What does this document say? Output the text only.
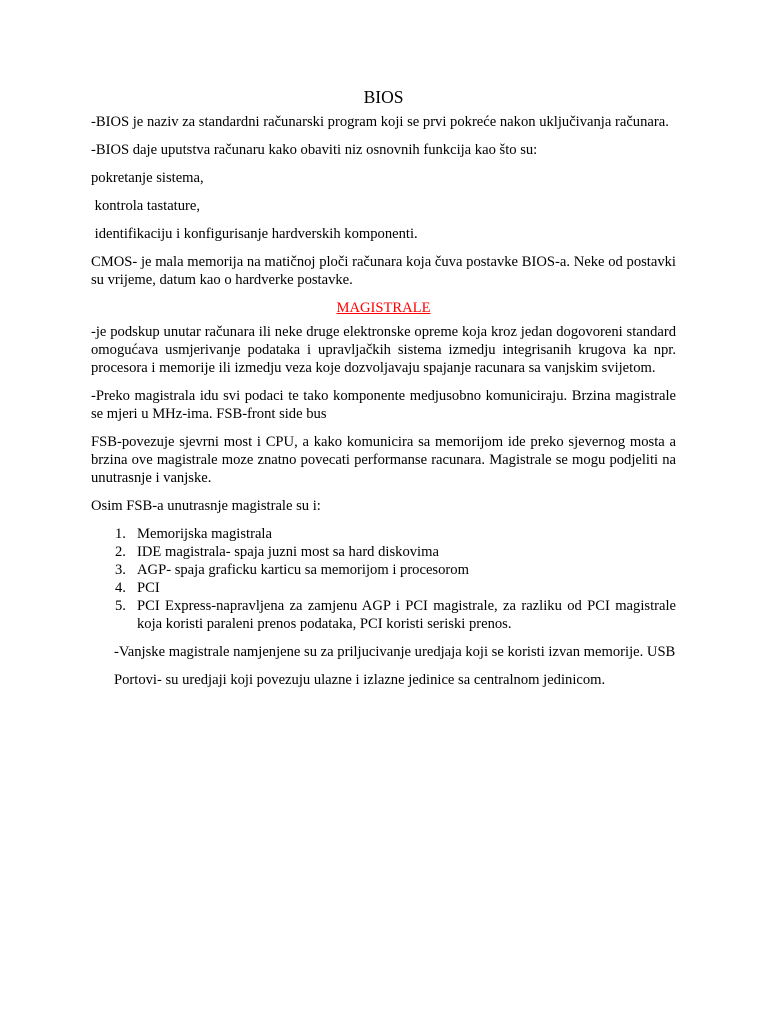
BIOS

-BIOS je naziv za standardni računarski program koji se prvi pokreće nakon uključivanja računara.

-BIOS daje uputstva računaru kako obaviti niz osnovnih funkcija kao što su:

pokretanje sistema,

kontrola tastature,

identifikaciju i konfigurisanje hardverskih komponenti.

CMOS- je mala memorija na matičnoj ploči računara koja čuva postavke BIOS-a. Neke od postavki su vrijeme, datum kao o hardverke postavke.

MAGISTRALE

-je podskup unutar računara ili neke druge elektronske opreme koja kroz jedan dogovoreni standard omogućava usmjerivanje podataka i upravljačkih sistema izmedju integrisanih krugova ka npr. procesora i memorije ili izmedju veza koje dozvoljavaju spajanje racunara sa vanjskim svijetom.

-Preko magistrala idu svi podaci te tako komponente medjusobno komuniciraju. Brzina magistrale se mjeri u MHz-ima. FSB-front side bus

FSB-povezuje sjevrni most i CPU, a kako komunicira sa memorijom ide preko sjevernog mosta a brzina ove magistrale moze znatno povecati performanse racunara. Magistrale se mogu podjeliti na unutrasnje i vanjske.

Osim FSB-a unutrasnje magistrale su i:

1. Memorijska magistrala
2. IDE magistrala- spaja juzni most sa hard diskovima
3. AGP- spaja graficku karticu sa memorijom i procesorom
4. PCI
5. PCI Express-napravljena za zamjenu AGP i PCI magistrale, za razliku od PCI magistrale koja koristi paraleni prenos podataka, PCI koristi seriski prenos.

-Vanjske magistrale namjenjene su za priljucivanje uredjaja koji se koristi izvan memorije. USB

Portovi- su uredjaji koji povezuju ulazne i izlazne jedinice sa centralnom jedinicom.
